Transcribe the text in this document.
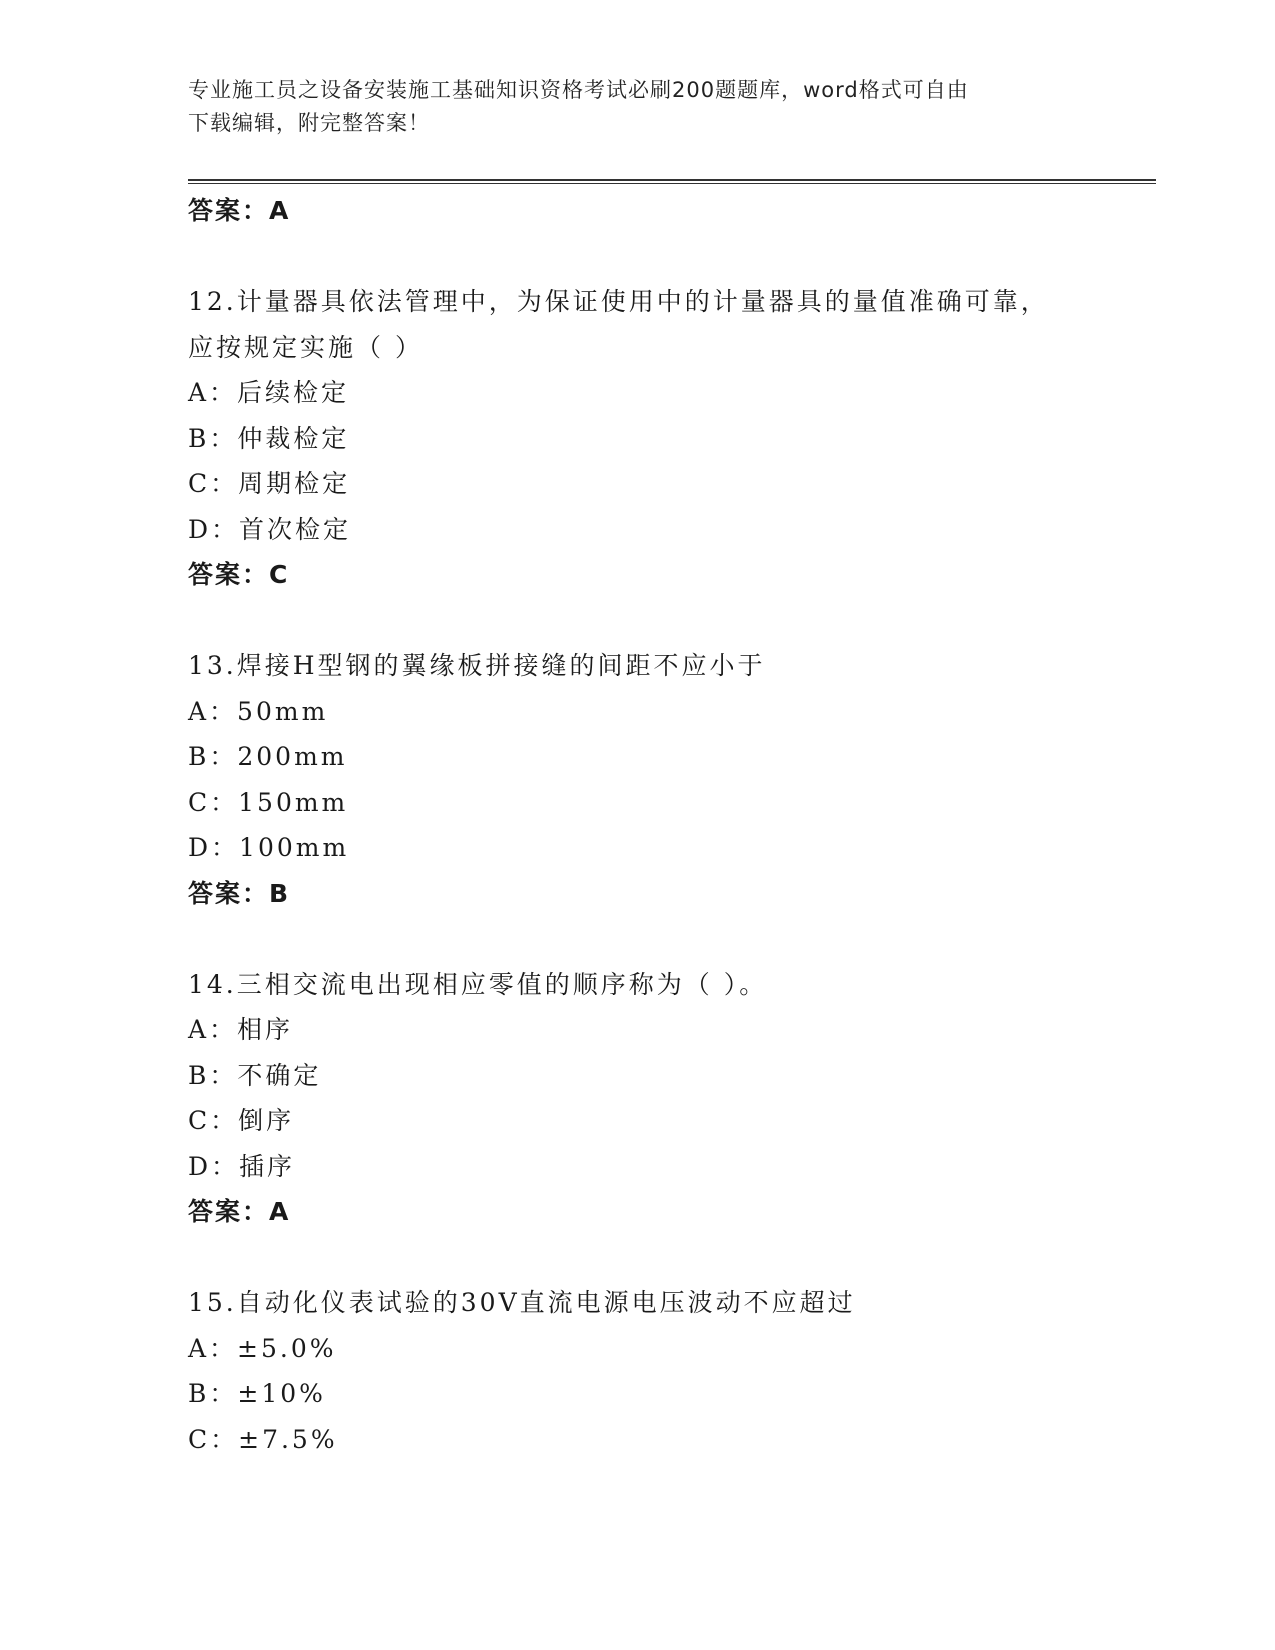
专业施工员之设备安装施工基础知识资格考试必刷200题题库，word格式可自由
下载编辑，附完整答案！
答案：A
12.计量器具依法管理中，为保证使用中的计量器具的量值准确可靠，
应按规定实施（ ）
A：后续检定
B：仲裁检定
C：周期检定
D：首次检定
答案：C
13.焊接H型钢的翼缘板拼接缝的间距不应小于
A：50mm
B：200mm
C：150mm
D：100mm
答案：B
14.三相交流电出现相应零值的顺序称为（ ）。
A：相序
B：不确定
C：倒序
D：插序
答案：A
15.自动化仪表试验的30V直流电源电压波动不应超过
A：±5.0%
B：±10%
C：±7.5%
